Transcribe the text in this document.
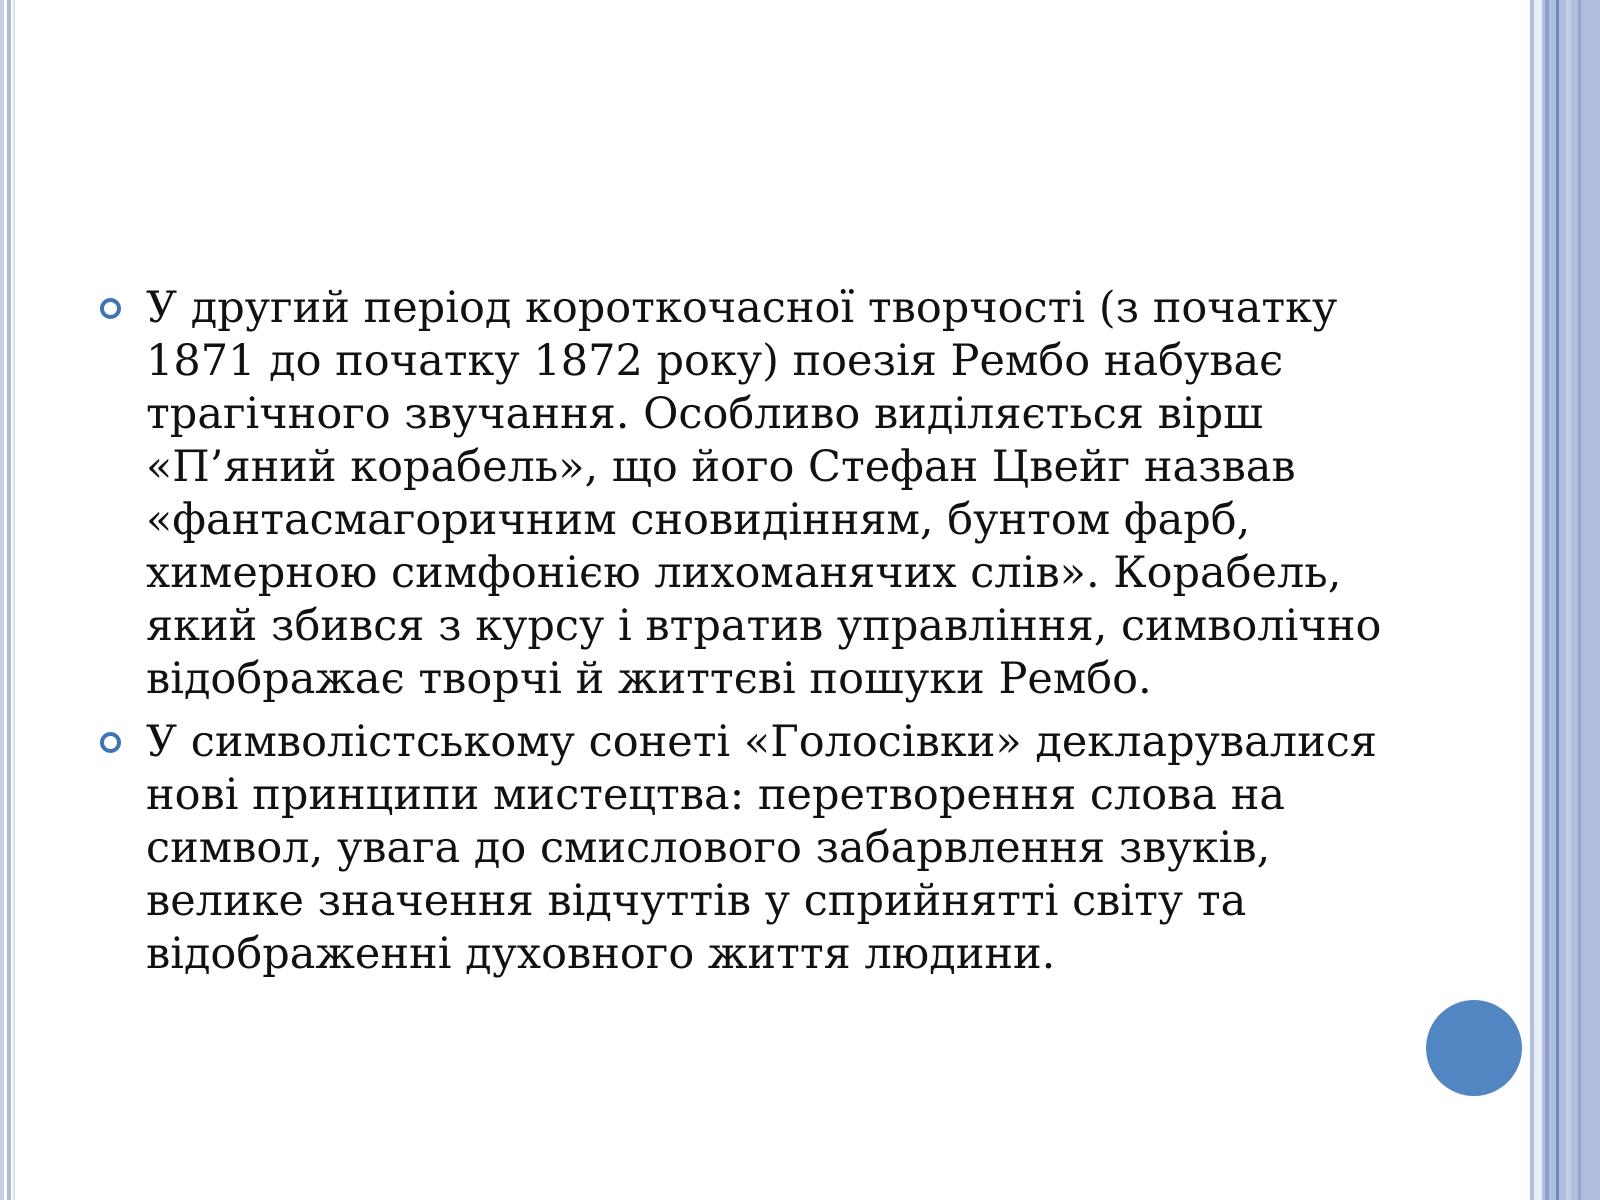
У другий період короткочасної творчості (з початку 1871 до початку 1872 року) поезія Рембо набуває трагічного звучання. Особливо виділяється вірш «П’яний корабель», що його Стефан Цвейг назвав «фантасмагоричним сновидінням, бунтом фарб, химерною симфонією лихоманячих слів». Корабель, який збився з курсу і втратив управління, символічно відображає творчі й життєві пошуки Рембо.
У символістському сонеті «Голосівки» декларувалися нові принципи мистецтва: перетворення слова на символ, увага до смислового забарвлення звуків, велике значення відчуттів у сприйнятті світу та відображенні духовного життя людини.
